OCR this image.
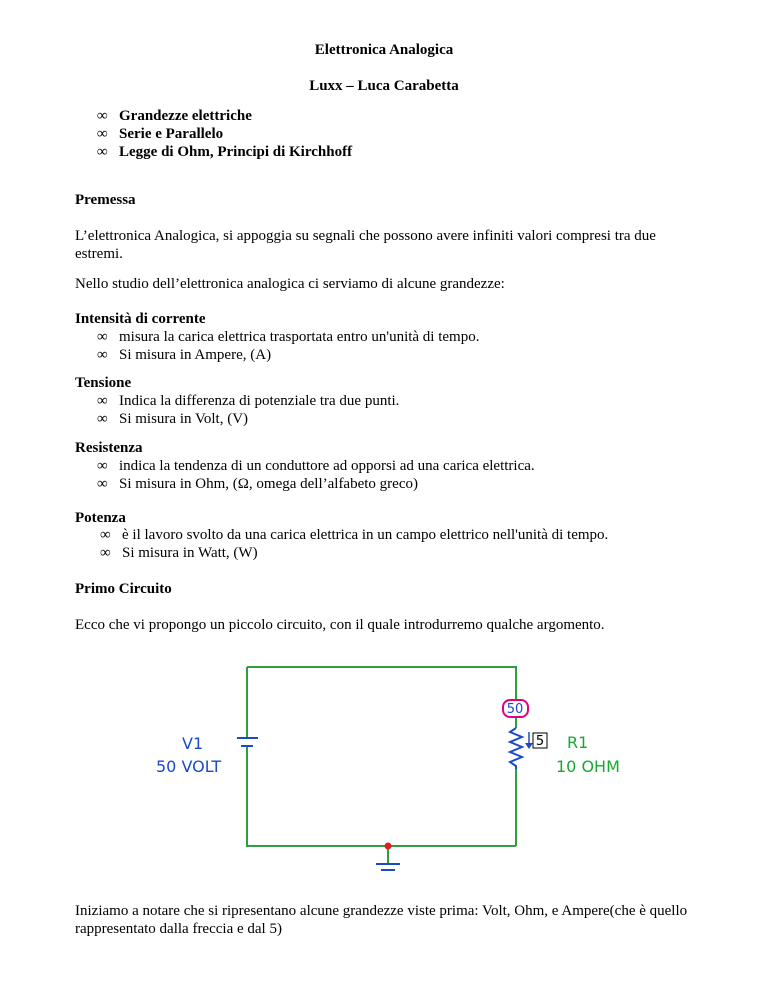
Elettronica Analogica
Luxx – Luca Carabetta
∞ Grandezze elettriche
∞ Serie e Parallelo
∞ Legge di Ohm, Principi di Kirchhoff
Premessa
L’elettronica Analogica, si appoggia su segnali che possono avere infiniti valori compresi tra due estremi.
Nello studio dell’elettronica analogica ci serviamo di alcune grandezze:
Intensità di corrente
∞ misura la carica elettrica trasportata entro un'unità di tempo.
∞ Si misura in Ampere, (A)
Tensione
∞ Indica la differenza di potenziale tra due punti.
∞ Si misura in Volt, (V)
Resistenza
∞ indica la tendenza di un conduttore ad opporsi ad una carica elettrica.
∞ Si misura in Ohm, (Ω, omega dell’alfabeto greco)
Potenza
∞ è il lavoro svolto da una carica elettrica in un campo elettrico nell'unità di tempo.
∞ Si misura in Watt, (W)
Primo Circuito
Ecco che vi propongo un piccolo circuito, con il quale introdurremo qualche argomento.
50
5
V1
50 VOLT
R1
10 OHM
Iniziamo a notare che si ripresentano alcune grandezze viste prima: Volt, Ohm, e Ampere(che è quello rappresentato dalla freccia e dal 5)
